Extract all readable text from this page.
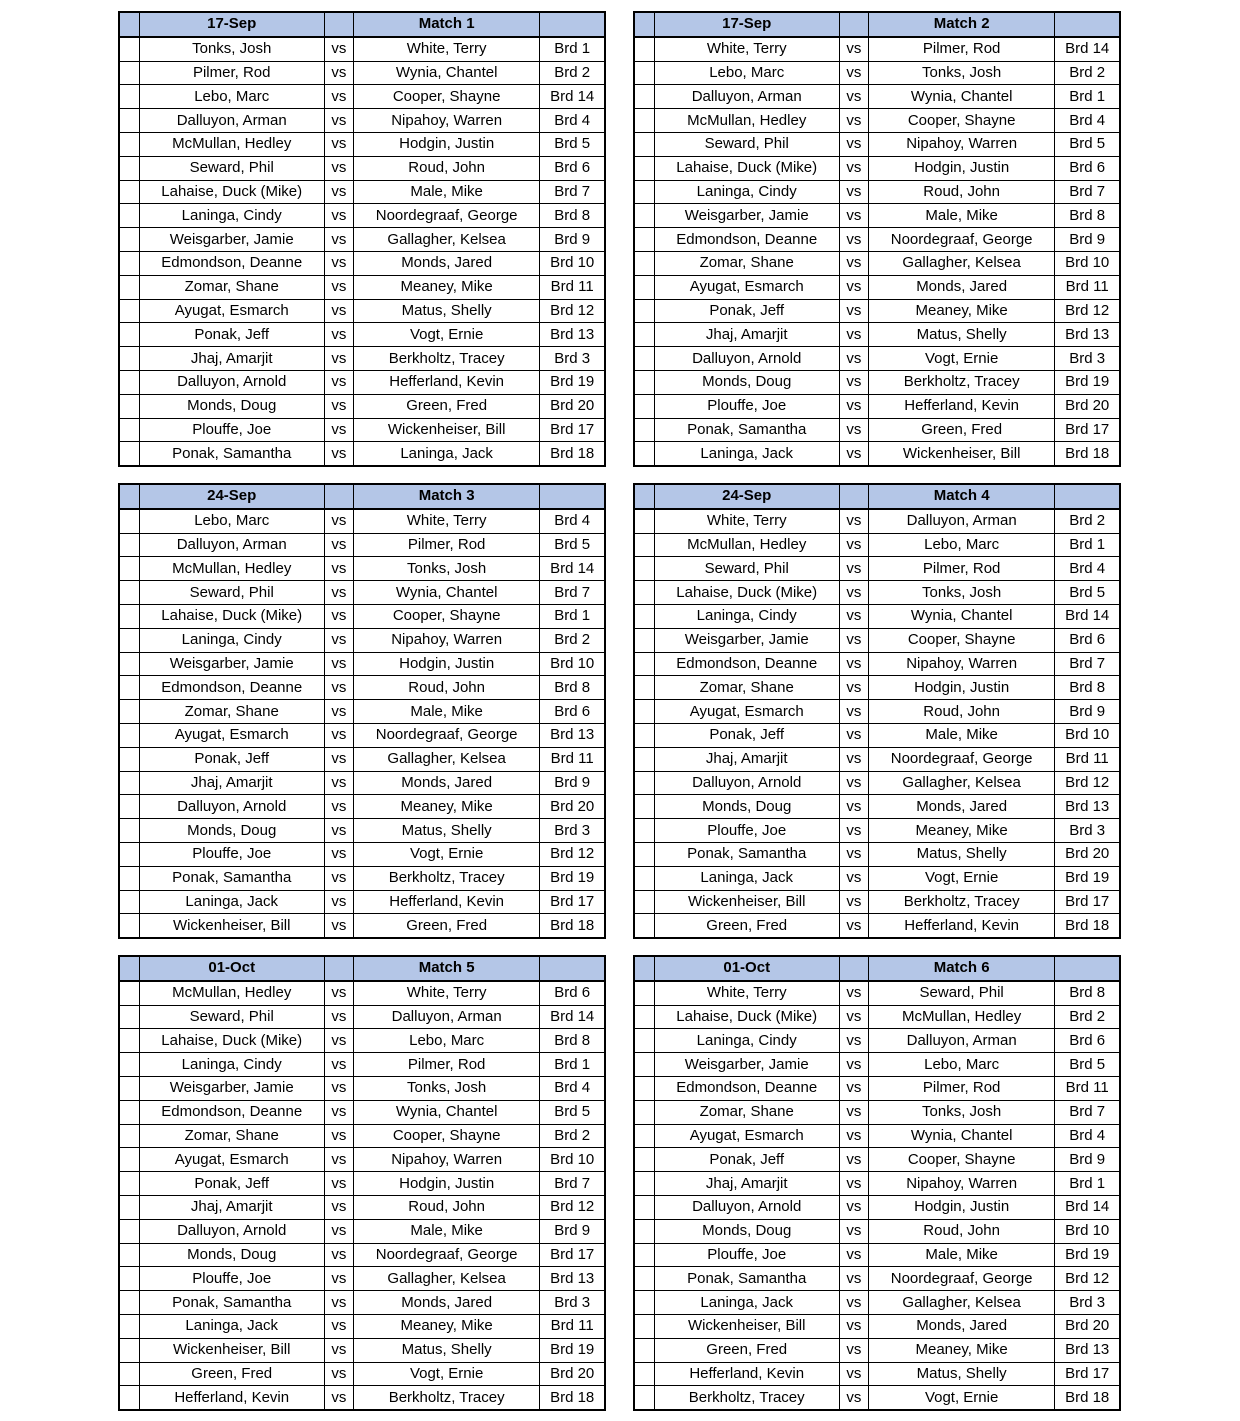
	17-Sep		Match 1	
	Tonks, Josh	vs	White, Terry	Brd 1
	Pilmer, Rod	vs	Wynia, Chantel	Brd 2
	Lebo, Marc	vs	Cooper, Shayne	Brd 14
	Dalluyon, Arman	vs	Nipahoy, Warren	Brd 4
	McMullan, Hedley	vs	Hodgin, Justin	Brd 5
	Seward, Phil	vs	Roud, John	Brd 6
	Lahaise, Duck (Mike)	vs	Male, Mike	Brd 7
	Laninga, Cindy	vs	Noordegraaf, George	Brd 8
	Weisgarber, Jamie	vs	Gallagher, Kelsea	Brd 9
	Edmondson, Deanne	vs	Monds, Jared	Brd 10
	Zomar, Shane	vs	Meaney, Mike	Brd 11
	Ayugat, Esmarch	vs	Matus, Shelly	Brd 12
	Ponak, Jeff	vs	Vogt, Ernie	Brd 13
	Jhaj, Amarjit	vs	Berkholtz, Tracey	Brd 3
	Dalluyon, Arnold	vs	Hefferland, Kevin	Brd 19
	Monds, Doug	vs	Green, Fred	Brd 20
	Plouffe, Joe	vs	Wickenheiser, Bill	Brd 17
	Ponak, Samantha	vs	Laninga, Jack	Brd 18
	17-Sep		Match 2	
	White, Terry	vs	Pilmer, Rod	Brd 14
	Lebo, Marc	vs	Tonks, Josh	Brd 2
	Dalluyon, Arman	vs	Wynia, Chantel	Brd 1
	McMullan, Hedley	vs	Cooper, Shayne	Brd 4
	Seward, Phil	vs	Nipahoy, Warren	Brd 5
	Lahaise, Duck (Mike)	vs	Hodgin, Justin	Brd 6
	Laninga, Cindy	vs	Roud, John	Brd 7
	Weisgarber, Jamie	vs	Male, Mike	Brd 8
	Edmondson, Deanne	vs	Noordegraaf, George	Brd 9
	Zomar, Shane	vs	Gallagher, Kelsea	Brd 10
	Ayugat, Esmarch	vs	Monds, Jared	Brd 11
	Ponak, Jeff	vs	Meaney, Mike	Brd 12
	Jhaj, Amarjit	vs	Matus, Shelly	Brd 13
	Dalluyon, Arnold	vs	Vogt, Ernie	Brd 3
	Monds, Doug	vs	Berkholtz, Tracey	Brd 19
	Plouffe, Joe	vs	Hefferland, Kevin	Brd 20
	Ponak, Samantha	vs	Green, Fred	Brd 17
	Laninga, Jack	vs	Wickenheiser, Bill	Brd 18
	24-Sep		Match 3	
	Lebo, Marc	vs	White, Terry	Brd 4
	Dalluyon, Arman	vs	Pilmer, Rod	Brd 5
	McMullan, Hedley	vs	Tonks, Josh	Brd 14
	Seward, Phil	vs	Wynia, Chantel	Brd 7
	Lahaise, Duck (Mike)	vs	Cooper, Shayne	Brd 1
	Laninga, Cindy	vs	Nipahoy, Warren	Brd 2
	Weisgarber, Jamie	vs	Hodgin, Justin	Brd 10
	Edmondson, Deanne	vs	Roud, John	Brd 8
	Zomar, Shane	vs	Male, Mike	Brd 6
	Ayugat, Esmarch	vs	Noordegraaf, George	Brd 13
	Ponak, Jeff	vs	Gallagher, Kelsea	Brd 11
	Jhaj, Amarjit	vs	Monds, Jared	Brd 9
	Dalluyon, Arnold	vs	Meaney, Mike	Brd 20
	Monds, Doug	vs	Matus, Shelly	Brd 3
	Plouffe, Joe	vs	Vogt, Ernie	Brd 12
	Ponak, Samantha	vs	Berkholtz, Tracey	Brd 19
	Laninga, Jack	vs	Hefferland, Kevin	Brd 17
	Wickenheiser, Bill	vs	Green, Fred	Brd 18
	24-Sep		Match 4	
	White, Terry	vs	Dalluyon, Arman	Brd 2
	McMullan, Hedley	vs	Lebo, Marc	Brd 1
	Seward, Phil	vs	Pilmer, Rod	Brd 4
	Lahaise, Duck (Mike)	vs	Tonks, Josh	Brd 5
	Laninga, Cindy	vs	Wynia, Chantel	Brd 14
	Weisgarber, Jamie	vs	Cooper, Shayne	Brd 6
	Edmondson, Deanne	vs	Nipahoy, Warren	Brd 7
	Zomar, Shane	vs	Hodgin, Justin	Brd 8
	Ayugat, Esmarch	vs	Roud, John	Brd 9
	Ponak, Jeff	vs	Male, Mike	Brd 10
	Jhaj, Amarjit	vs	Noordegraaf, George	Brd 11
	Dalluyon, Arnold	vs	Gallagher, Kelsea	Brd 12
	Monds, Doug	vs	Monds, Jared	Brd 13
	Plouffe, Joe	vs	Meaney, Mike	Brd 3
	Ponak, Samantha	vs	Matus, Shelly	Brd 20
	Laninga, Jack	vs	Vogt, Ernie	Brd 19
	Wickenheiser, Bill	vs	Berkholtz, Tracey	Brd 17
	Green, Fred	vs	Hefferland, Kevin	Brd 18
	01-Oct		Match 5	
	McMullan, Hedley	vs	White, Terry	Brd 6
	Seward, Phil	vs	Dalluyon, Arman	Brd 14
	Lahaise, Duck (Mike)	vs	Lebo, Marc	Brd 8
	Laninga, Cindy	vs	Pilmer, Rod	Brd 1
	Weisgarber, Jamie	vs	Tonks, Josh	Brd 4
	Edmondson, Deanne	vs	Wynia, Chantel	Brd 5
	Zomar, Shane	vs	Cooper, Shayne	Brd 2
	Ayugat, Esmarch	vs	Nipahoy, Warren	Brd 10
	Ponak, Jeff	vs	Hodgin, Justin	Brd 7
	Jhaj, Amarjit	vs	Roud, John	Brd 12
	Dalluyon, Arnold	vs	Male, Mike	Brd 9
	Monds, Doug	vs	Noordegraaf, George	Brd 17
	Plouffe, Joe	vs	Gallagher, Kelsea	Brd 13
	Ponak, Samantha	vs	Monds, Jared	Brd 3
	Laninga, Jack	vs	Meaney, Mike	Brd 11
	Wickenheiser, Bill	vs	Matus, Shelly	Brd 19
	Green, Fred	vs	Vogt, Ernie	Brd 20
	Hefferland, Kevin	vs	Berkholtz, Tracey	Brd 18
	01-Oct		Match 6	
	White, Terry	vs	Seward, Phil	Brd 8
	Lahaise, Duck (Mike)	vs	McMullan, Hedley	Brd 2
	Laninga, Cindy	vs	Dalluyon, Arman	Brd 6
	Weisgarber, Jamie	vs	Lebo, Marc	Brd 5
	Edmondson, Deanne	vs	Pilmer, Rod	Brd 11
	Zomar, Shane	vs	Tonks, Josh	Brd 7
	Ayugat, Esmarch	vs	Wynia, Chantel	Brd 4
	Ponak, Jeff	vs	Cooper, Shayne	Brd 9
	Jhaj, Amarjit	vs	Nipahoy, Warren	Brd 1
	Dalluyon, Arnold	vs	Hodgin, Justin	Brd 14
	Monds, Doug	vs	Roud, John	Brd 10
	Plouffe, Joe	vs	Male, Mike	Brd 19
	Ponak, Samantha	vs	Noordegraaf, George	Brd 12
	Laninga, Jack	vs	Gallagher, Kelsea	Brd 3
	Wickenheiser, Bill	vs	Monds, Jared	Brd 20
	Green, Fred	vs	Meaney, Mike	Brd 13
	Hefferland, Kevin	vs	Matus, Shelly	Brd 17
	Berkholtz, Tracey	vs	Vogt, Ernie	Brd 18
